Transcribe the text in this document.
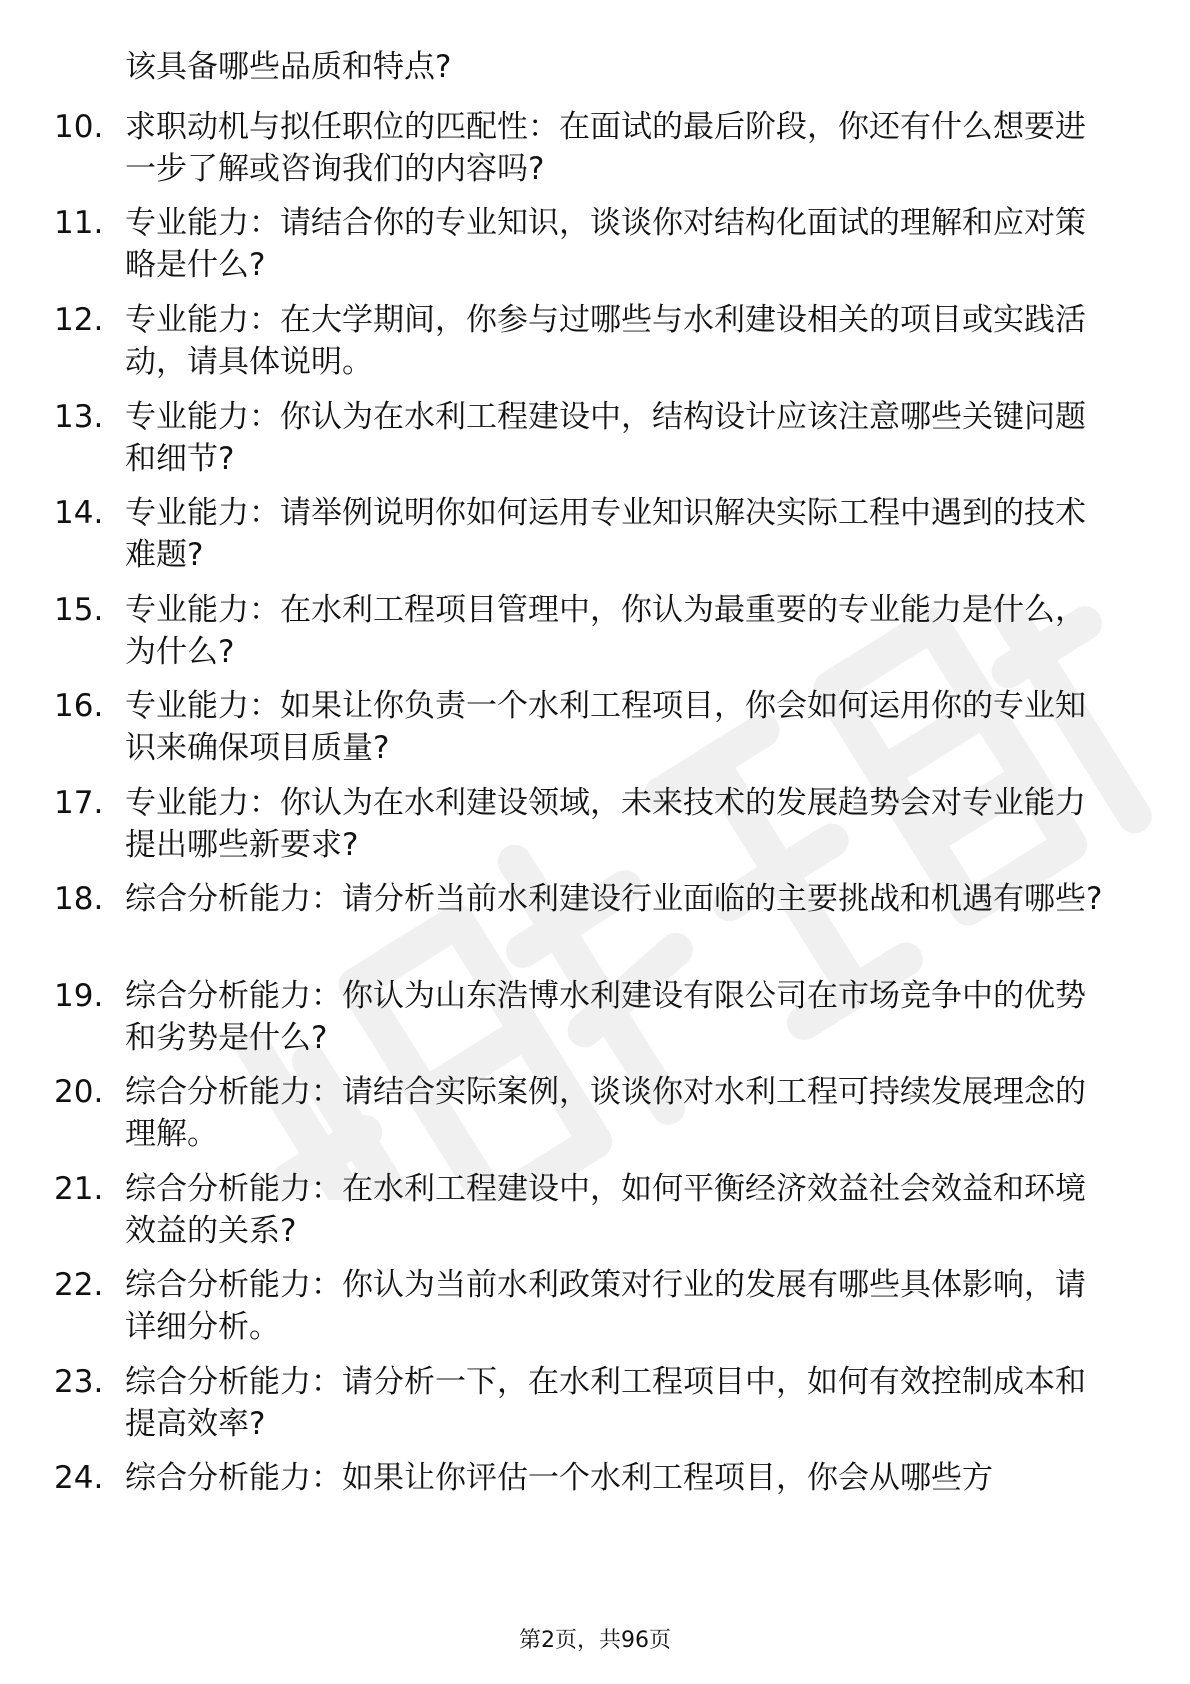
该具备哪些品质和特点?
10. 求职动机与拟任职位的匹配性：在面试的最后阶段，你还有什么想要进一步了解或咨询我们的内容吗?
11. 专业能力：请结合你的专业知识，谈谈你对结构化面试的理解和应对策略是什么?
12. 专业能力：在大学期间，你参与过哪些与水利建设相关的项目或实践活动，请具体说明。
13. 专业能力：你认为在水利工程建设中，结构设计应该注意哪些关键问题和细节?
14. 专业能力：请举例说明你如何运用专业知识解决实际工程中遇到的技术难题?
15. 专业能力：在水利工程项目管理中，你认为最重要的专业能力是什么，为什么?
16. 专业能力：如果让你负责一个水利工程项目，你会如何运用你的专业知识来确保项目质量?
17. 专业能力：你认为在水利建设领域，未来技术的发展趋势会对专业能力提出哪些新要求?
18. 综合分析能力：请分析当前水利建设行业面临的主要挑战和机遇有哪些?
19. 综合分析能力：你认为山东浩博水利建设有限公司在市场竞争中的优势和劣势是什么?
20. 综合分析能力：请结合实际案例，谈谈你对水利工程可持续发展理念的理解。
21. 综合分析能力：在水利工程建设中，如何平衡经济效益社会效益和环境效益的关系?
22. 综合分析能力：你认为当前水利政策对行业的发展有哪些具体影响，请详细分析。
23. 综合分析能力：请分析一下，在水利工程项目中，如何有效控制成本和提高效率?
24. 综合分析能力：如果让你评估一个水利工程项目，你会从哪些方
第2页，共96页
